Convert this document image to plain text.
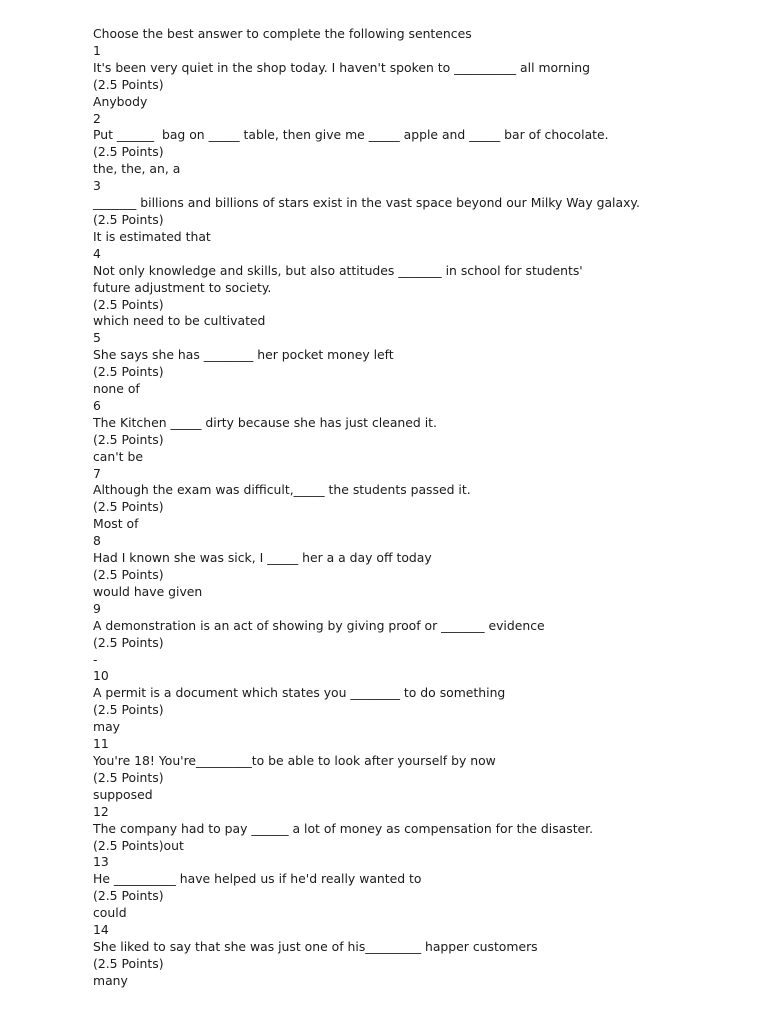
Choose the best answer to complete the following sentences

1

It's been very quiet in the shop today. I haven't spoken to __________ all morning

(2.5 Points)

Anybody

2

Put ______  bag on _____ table, then give me _____ apple and _____ bar of chocolate.

(2.5 Points)

the, the, an, a

3

_______ billions and billions of stars exist in the vast space beyond our Milky Way galaxy.

(2.5 Points)

It is estimated that

4

Not only knowledge and skills, but also attitudes _______ in school for students' future adjustment to society.

(2.5 Points)

which need to be cultivated

5

She says she has ________ her pocket money left

(2.5 Points)

none of

6

The Kitchen _____ dirty because she has just cleaned it.

(2.5 Points)

can't be

7

Although the exam was difficult,_____ the students passed it.

(2.5 Points)

Most of

8

Had I known she was sick, I _____ her a a day off today

(2.5 Points)

would have given

9

A demonstration is an act of showing by giving proof or _______ evidence

(2.5 Points)

-

10

A permit is a document which states you ________ to do something

(2.5 Points)

may

11

You're 18! You're_________to be able to look after yourself by now

(2.5 Points)

supposed

12

The company had to pay ______ a lot of money as compensation for the disaster.

(2.5 Points)out

13

He __________ have helped us if he'd really wanted to

(2.5 Points)

could

14

She liked to say that she was just one of his_________ happer customers

(2.5 Points)

many
